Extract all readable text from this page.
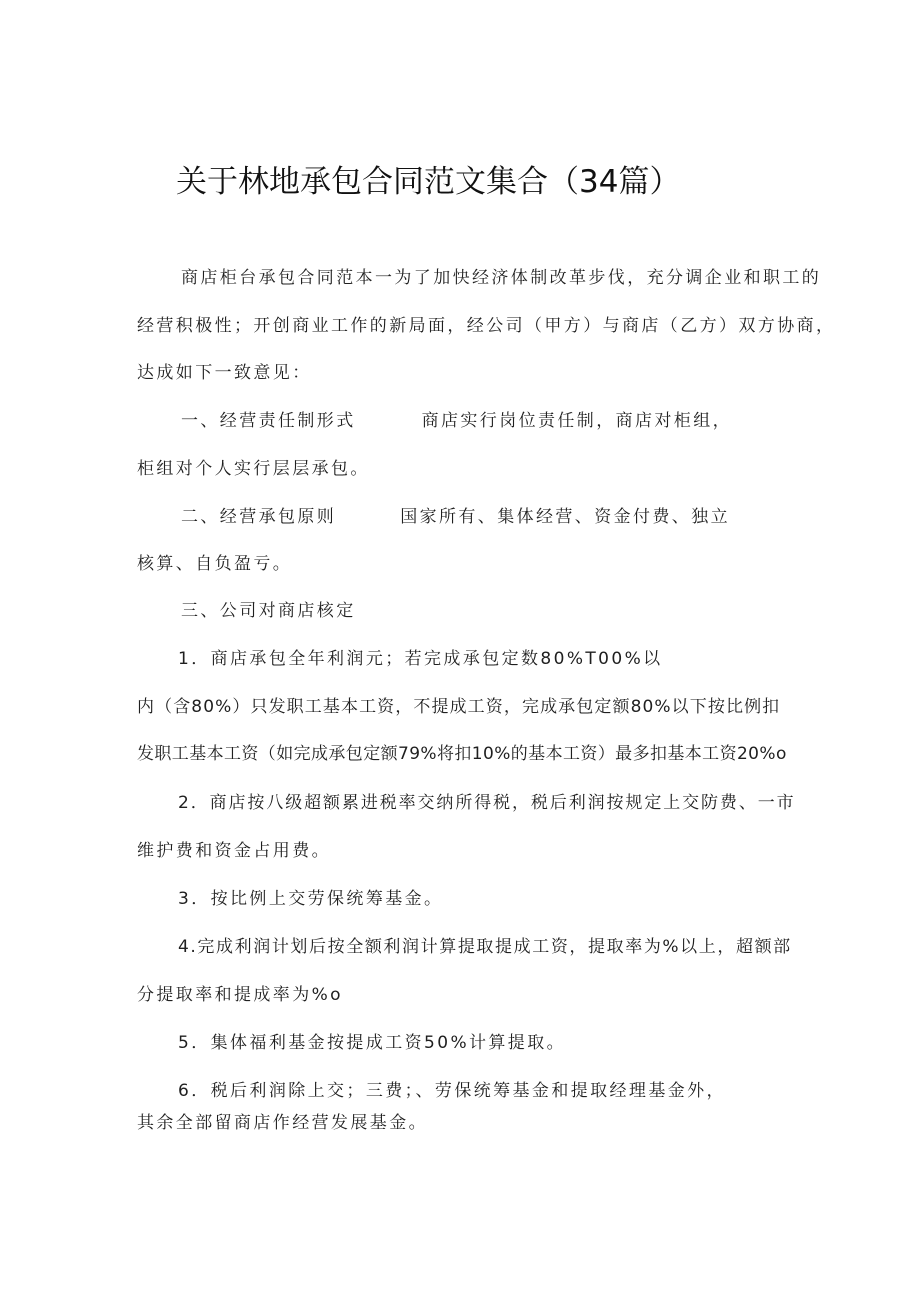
关于林地承包合同范文集合（34篇）
商店柜台承包合同范本一为了加快经济体制改革步伐，充分调企业和职工的
经营积极性；开创商业工作的新局面，经公司（甲方）与商店（乙方）双方协商，
达成如下一致意见：
一、经营责任制形式	商店实行岗位责任制，商店对柜组，
柜组对个人实行层层承包。
二、经营承包原则	国家所有、集体经营、资金付费、独立
核算、自负盈亏。
三、公司对商店核定
1．商店承包全年利润元；若完成承包定数80%T00%以
内（含80%）只发职工基本工资，不提成工资，完成承包定额80%以下按比例扣
发职工基本工资（如完成承包定额79%将扣10%的基本工资）最多扣基本工资20%o
2．商店按八级超额累进税率交纳所得税，税后利润按规定上交防费、一市
维护费和资金占用费。
3．按比例上交劳保统筹基金。
4.完成利润计划后按全额利润计算提取提成工资，提取率为%以上，超额部
分提取率和提成率为%o
5．集体福利基金按提成工资50%计算提取。
6．税后利润除上交；三费；、劳保统筹基金和提取经理基金外，
其余全部留商店作经营发展基金。
